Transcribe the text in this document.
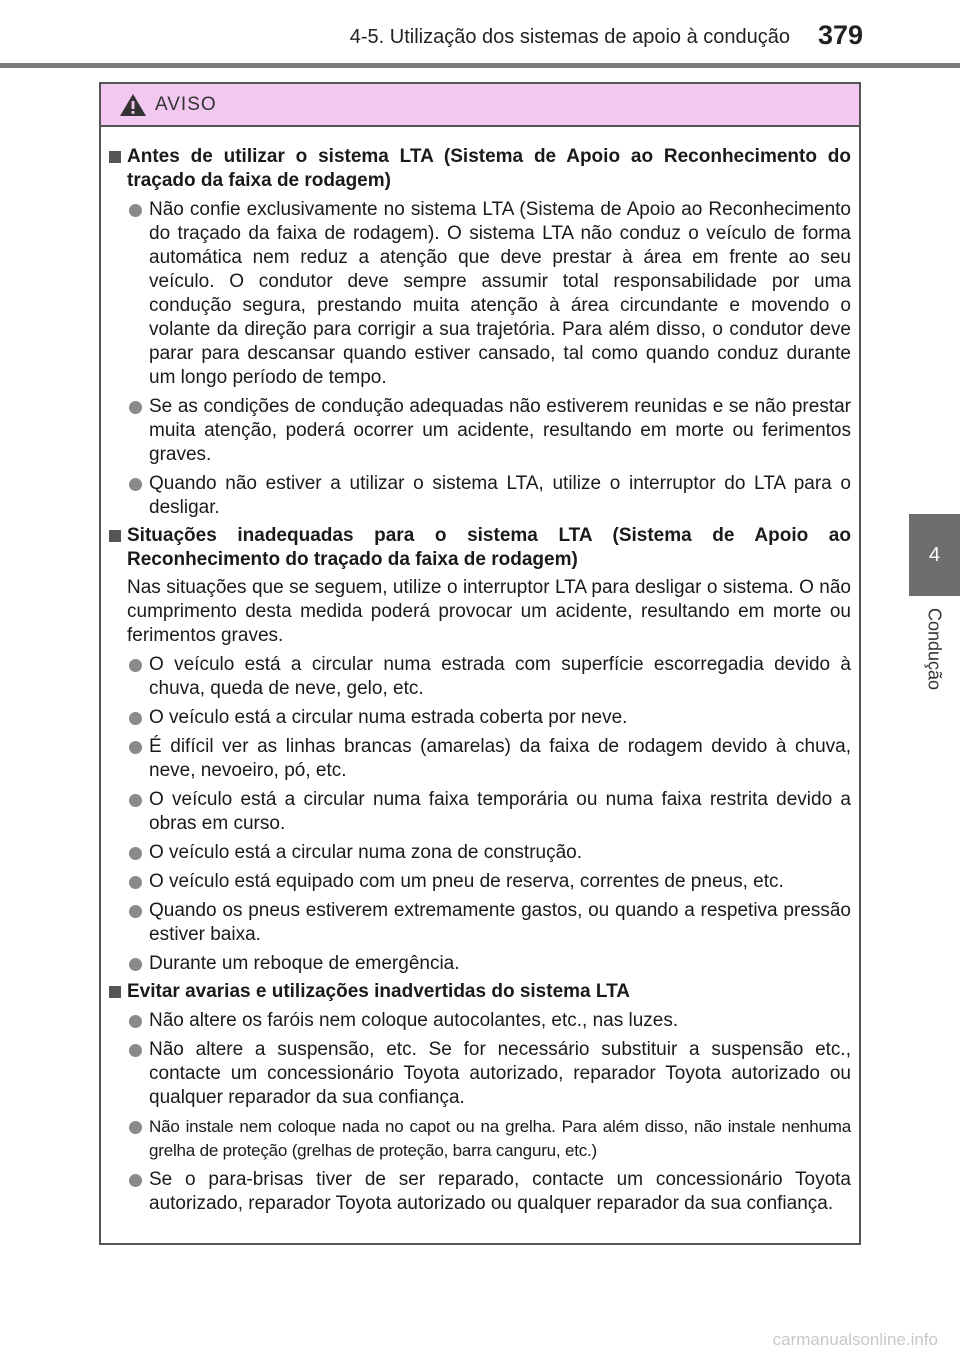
4-5. Utilização dos sistemas de apoio à condução 379
4
Condução
AVISO
Antes de utilizar o sistema LTA (Sistema de Apoio ao Reconhecimento do traçado da faixa de rodagem)
Não confie exclusivamente no sistema LTA (Sistema de Apoio ao Reconhecimento do traçado da faixa de rodagem). O sistema LTA não conduz o veículo de forma automática nem reduz a atenção que deve prestar à área em frente ao seu veículo. O condutor deve sempre assumir total responsabilidade por uma condução segura, prestando muita atenção à área circundante e movendo o volante da direção para corrigir a sua trajetória. Para além disso, o condutor deve parar para descansar quando estiver cansado, tal como quando conduz durante um longo período de tempo.
Se as condições de condução adequadas não estiverem reunidas e se não prestar muita atenção, poderá ocorrer um acidente, resultando em morte ou ferimentos graves.
Quando não estiver a utilizar o sistema LTA, utilize o interruptor do LTA para o desligar.
Situações inadequadas para o sistema LTA (Sistema de Apoio ao Reconhecimento do traçado da faixa de rodagem)
Nas situações que se seguem, utilize o interruptor LTA para desligar o sistema. O não cumprimento desta medida poderá provocar um acidente, resultando em morte ou ferimentos graves.
O veículo está a circular numa estrada com superfície escorregadia devido à chuva, queda de neve, gelo, etc.
O veículo está a circular numa estrada coberta por neve.
É difícil ver as linhas brancas (amarelas) da faixa de rodagem devido à chuva, neve, nevoeiro, pó, etc.
O veículo está a circular numa faixa temporária ou numa faixa restrita devido a obras em curso.
O veículo está a circular numa zona de construção.
O veículo está equipado com um pneu de reserva, correntes de pneus, etc.
Quando os pneus estiverem extremamente gastos, ou quando a respetiva pressão estiver baixa.
Durante um reboque de emergência.
Evitar avarias e utilizações inadvertidas do sistema LTA
Não altere os faróis nem coloque autocolantes, etc., nas luzes.
Não altere a suspensão, etc. Se for necessário substituir a suspensão etc., contacte um concessionário Toyota autorizado, reparador Toyota autorizado ou qualquer reparador da sua confiança.
Não instale nem coloque nada no capot ou na grelha. Para além disso, não instale nenhuma grelha de proteção (grelhas de proteção, barra canguru, etc.)
Se o para-brisas tiver de ser reparado, contacte um concessionário Toyota autorizado, reparador Toyota autorizado ou qualquer reparador da sua confiança.
carmanualsonline.info
